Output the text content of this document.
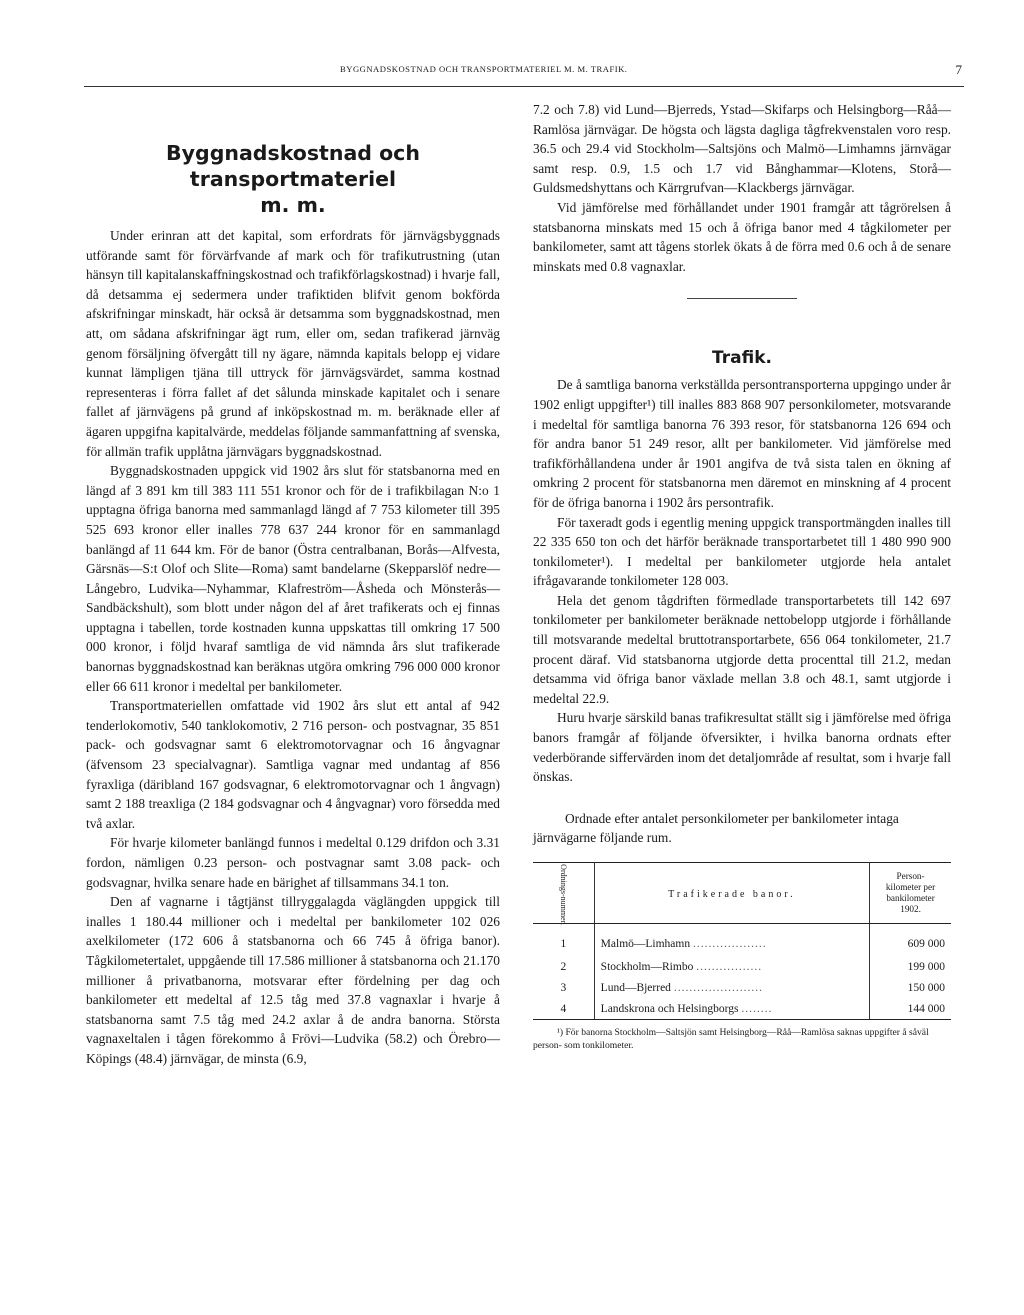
BYGGNADSKOSTNAD OCH TRANSPORTMATERIEL M. M. TRAFIK.	7
Byggnadskostnad och transportmateriel
m. m.

Under erinran att det kapital, som erfordrats för järnvägsbyggnads utförande samt för förvärfvande af mark och för trafikutrustning (utan hänsyn till kapitalanskaffningskostnad och trafikförlagskostnad) i hvarje fall, då detsamma ej sedermera under trafiktiden blifvit genom bokförda afskrifningar minskadt, här också är detsamma som byggnadskostnad, men att, om sådana afskrifningar ägt rum, eller om, sedan trafikerad järnväg genom försäljning öfvergått till ny ägare, nämnda kapitals belopp ej vidare kunnat lämpligen tjäna till uttryck för järnvägsvärdet, samma kostnad representeras i förra fallet af det sålunda minskade kapitalet och i senare fallet af järnvägens på grund af inköpskostnad m. m. beräknade eller af ägaren uppgifna kapitalvärde, meddelas följande sammanfattning af svenska, för allmän trafik upplåtna järnvägars byggnadskostnad.

Byggnadskostnaden uppgick vid 1902 års slut för statsbanorna med en längd af 3 891 km till 383 111 551 kronor och för de i trafikbilagan N:o 1 upptagna öfriga banorna med sammanlagd längd af 7 753 kilometer till 395 525 693 kronor eller inalles 778 637 244 kronor för en sammanlagd banlängd af 11 644 km. För de banor (Östra centralbanan, Borås—Alfvesta, Gärsnäs—S:t Olof och Slite—Roma) samt bandelarne (Skepparslöf nedre—Långebro, Ludvika—Nyhammar, Klafreström—Åsheda och Mönsterås—Sandbäckshult), som blott under någon del af året trafikerats och ej finnas upptagna i tabellen, torde kostnaden kunna uppskattas till omkring 17 500 000 kronor, i följd hvaraf samtliga de vid nämnda års slut trafikerade banornas byggnadskostnad kan beräknas utgöra omkring 796 000 000 kronor eller 66 611 kronor i medeltal per bankilometer.

Transportmateriellen omfattade vid 1902 års slut ett antal af 942 tenderlokomotiv, 540 tanklokomotiv, 2 716 person- och postvagnar, 35 851 pack- och godsvagnar samt 6 elektromotorvagnar och 16 ångvagnar (äfvensom 23 specialvagnar). Samtliga vagnar med undantag af 856 fyraxliga (däribland 167 godsvagnar, 6 elektromotorvagnar och 1 ångvagn) samt 2 188 treaxliga (2 184 godsvagnar och 4 ångvagnar) voro försedda med två axlar.

För hvarje kilometer banlängd funnos i medeltal 0.129 drifdon och 3.31 fordon, nämligen 0.23 person- och postvagnar samt 3.08 pack- och godsvagnar, hvilka senare hade en bärighet af tillsammans 34.1 ton.

Den af vagnarne i tågtjänst tillryggalagda väglängden uppgick till inalles 1 180.44 millioner och i medeltal per bankilometer 102 026 axelkilometer (172 606 å statsbanorna och 66 745 å öfriga banor). Tågkilometertalet, uppgående till 17.586 millioner å statsbanorna och 21.170 millioner å privatbanorna, motsvarar efter fördelning per dag och bankilometer ett medeltal af 12.5 tåg med 37.8 vagnaxlar i hvarje å statsbanorna samt 7.5 tåg med 24.2 axlar å de andra banorna. Största vagnaxeltalen i tågen förekommo å Frövi—Ludvika (58.2) och Örebro—Köpings (48.4) järnvägar, de minsta (6.9,

7.2 och 7.8) vid Lund—Bjerreds, Ystad—Skifarps och Helsingborg—Råå—Ramlösa järnvägar. De högsta och lägsta dagliga tågfrekvenstalen voro resp. 36.5 och 29.4 vid Stockholm—Saltsjöns och Malmö—Limhamns järnvägar samt resp. 0.9, 1.5 och 1.7 vid Bånghammar—Klotens, Storå—Guldsmedshyttans och Kärrgrufvan—Klackbergs järnvägar.

Vid jämförelse med förhållandet under 1901 framgår att tågrörelsen å statsbanorna minskats med 15 och å öfriga banor med 4 tågkilometer per bankilometer, samt att tågens storlek ökats å de förra med 0.6 och å de senare minskats med 0.8 vagnaxlar.

Trafik.

De å samtliga banorna verkställda persontransporterna uppgingo under år 1902 enligt uppgifter¹) till inalles 883 868 907 personkilometer, motsvarande i medeltal för samtliga banorna 76 393 resor, för statsbanorna 126 694 och för andra banor 51 249 resor, allt per bankilometer. Vid jämförelse med trafikförhållandena under år 1901 angifva de två sista talen en ökning af omkring 2 procent för statsbanorna men däremot en minskning af 4 procent för de öfriga banorna i 1902 års persontrafik.

För taxeradt gods i egentlig mening uppgick transportmängden inalles till 22 335 650 ton och det härför beräknade transportarbetet till 1 480 990 900 tonkilometer¹). I medeltal per bankilometer utgjorde hela antalet ifrågavarande tonkilometer 128 003.

Hela det genom tågdriften förmedlade transportarbetets till 142 697 tonkilometer per bankilometer beräknade nettobelopp utgjorde i förhållande till motsvarande medeltal bruttotransportarbete, 656 064 tonkilometer, 21.7 procent däraf. Vid statsbanorna utgjorde detta procenttal till 21.2, medan detsamma vid öfriga banor växlade mellan 3.8 och 48.1, samt utgjorde i medeltal 22.9.

Huru hvarje särskild banas trafikresultat ställt sig i jämförelse med öfriga banors framgår af följande öfversikter, i hvilka banorna ordnats efter vederbörande siffervärden inom det detaljområde af resultat, som i hvarje fall önskas.

Ordnade efter antalet personkilometer per bankilometer intaga järnvägarne följande rum.

Ordnings-nummer.	Trafikerade banor.	Person-
kilometer per
bankilometer
1902.

1	Malmö—Limhamn ...................	609 000
2	Stockholm—Rimbo .................	199 000
3	Lund—Bjerred .......................	150 000
4	Landskrona och Helsingborgs ........	144 000

¹) För banorna Stockholm—Saltsjön samt Helsingborg—Råå—Ramlösa saknas uppgifter å såväl person- som tonkilometer.
